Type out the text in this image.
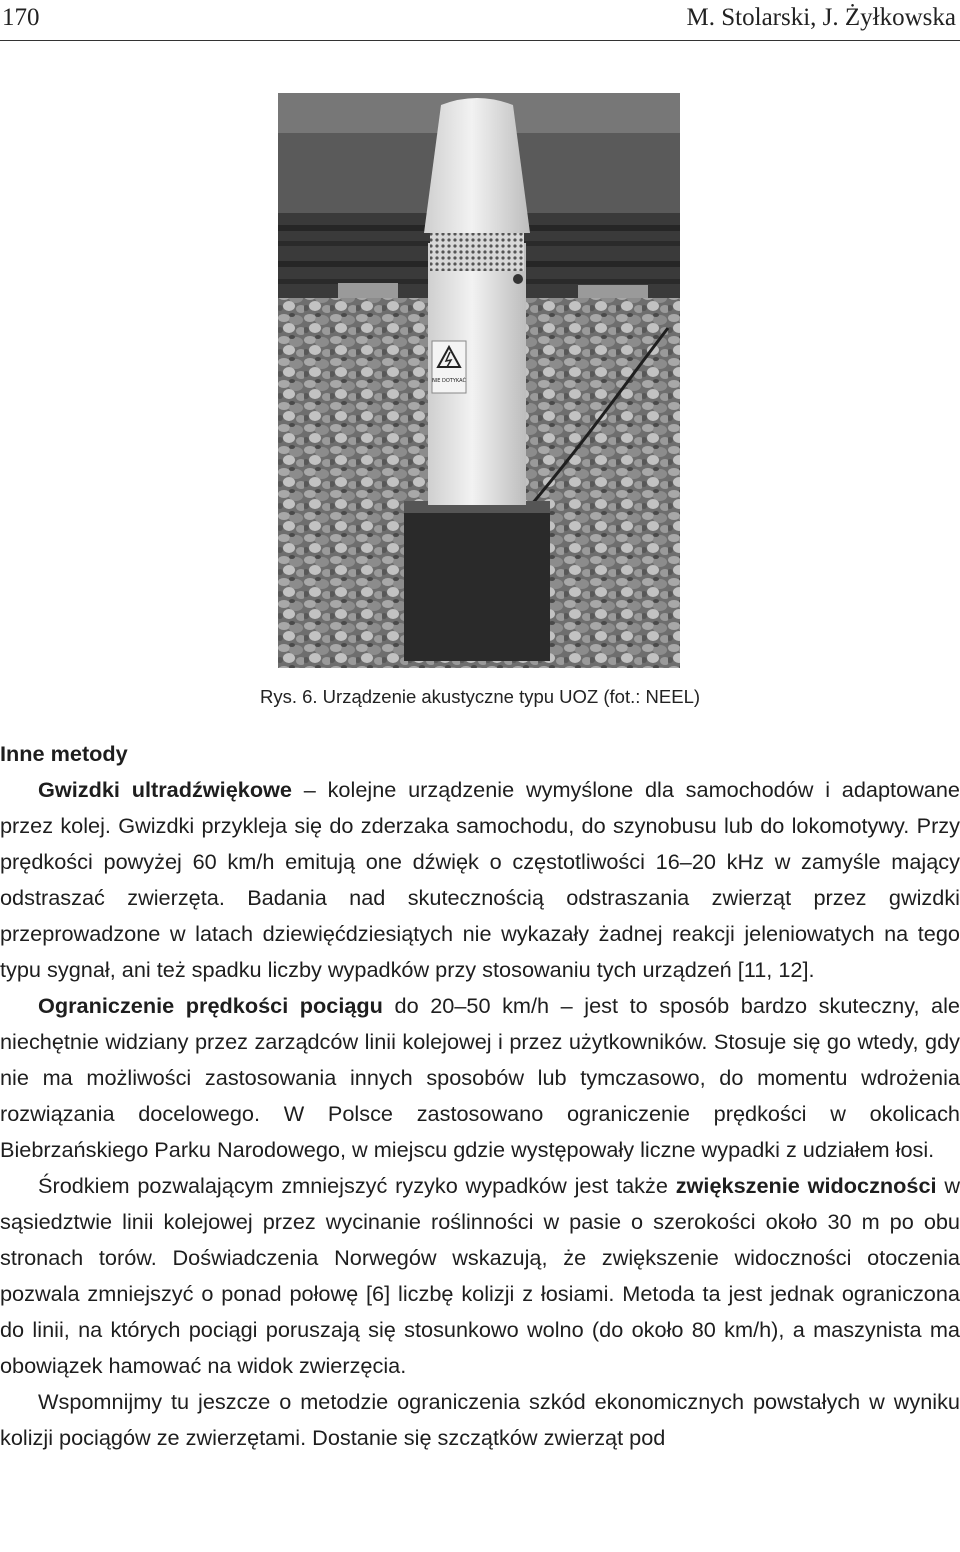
170	M. Stolarski, J. Żyłkowska
NIE DOTYKAĆ
Rys. 6. Urządzenie akustyczne typu UOZ (fot.: NEEL)
Inne metody

Gwizdki ultradźwiękowe – kolejne urządzenie wymyślone dla samochodów i adaptowane przez kolej. Gwizdki przykleja się do zderzaka samochodu, do szynobusu lub do lokomotywy. Przy prędkości powyżej 60 km/h emitują one dźwięk o częstotliwości 16–20 kHz w zamyśle mający odstraszać zwierzęta. Badania nad skutecznością odstraszania zwierząt przez gwizdki przeprowadzone w latach dziewięćdziesiątych nie wykazały żadnej reakcji jeleniowatych na tego typu sygnał, ani też spadku liczby wypadków przy stosowaniu tych urządzeń [11, 12].

Ograniczenie prędkości pociągu do 20–50 km/h – jest to sposób bardzo skuteczny, ale niechętnie widziany przez zarządców linii kolejowej i przez użytkowników. Stosuje się go wtedy, gdy nie ma możliwości zastosowania innych sposobów lub tymczasowo, do momentu wdrożenia rozwiązania docelowego. W Polsce zastosowano ograniczenie prędkości w okolicach Biebrzańskiego Parku Narodowego, w miejscu gdzie występowały liczne wypadki z udziałem łosi.

Środkiem pozwalającym zmniejszyć ryzyko wypadków jest także zwiększenie widoczności w sąsiedztwie linii kolejowej przez wycinanie roślinności w pasie o szerokości około 30 m po obu stronach torów. Doświadczenia Norwegów wskazują, że zwiększenie widoczności otoczenia pozwala zmniejszyć o ponad połowę [6] liczbę kolizji z łosiami. Metoda ta jest jednak ograniczona do linii, na których pociągi poruszają się stosunkowo wolno (do około 80 km/h), a maszynista ma obowiązek hamować na widok zwierzęcia.

Wspomnijmy tu jeszcze o metodzie ograniczenia szkód ekonomicznych powstałych w wyniku kolizji pociągów ze zwierzętami. Dostanie się szczątków zwierząt pod
